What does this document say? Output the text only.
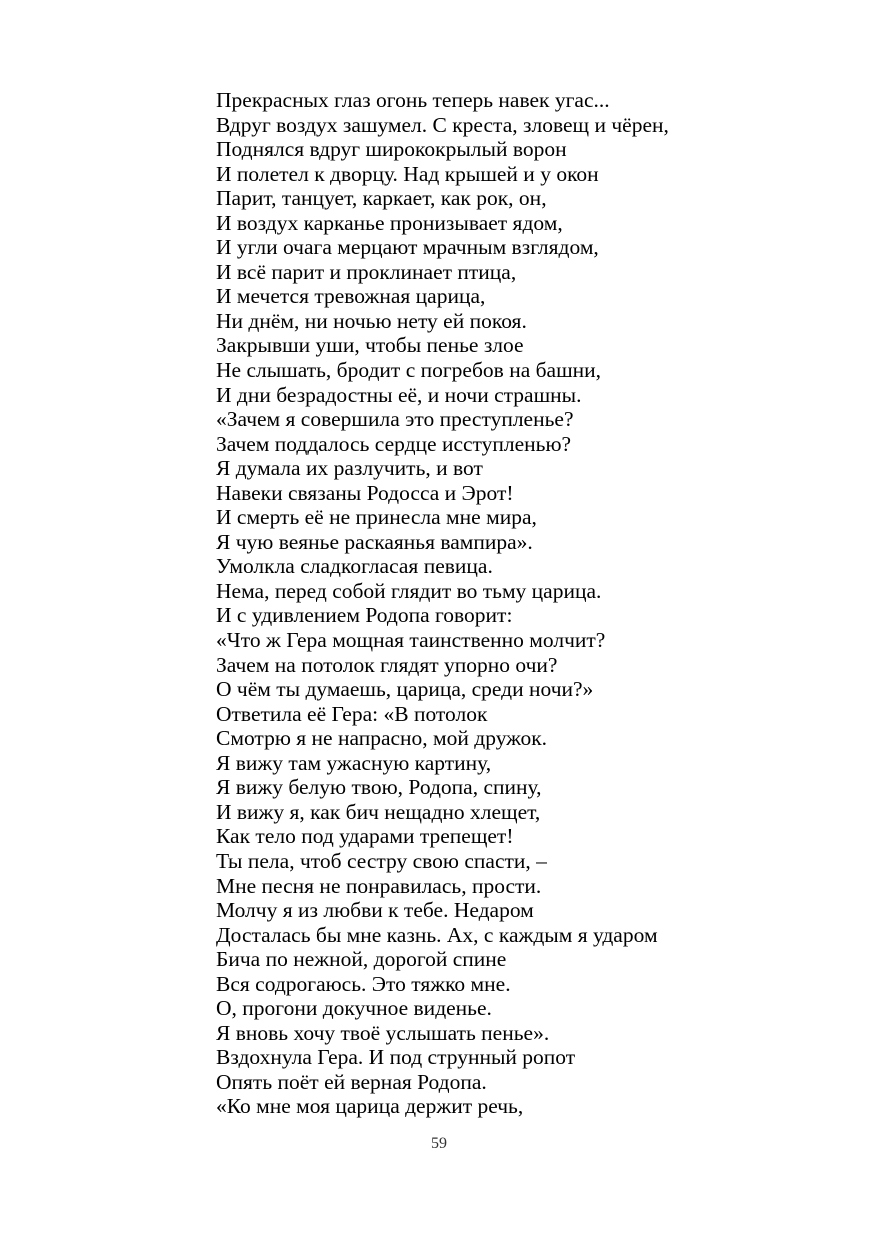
Прекрасных глаз огонь теперь навек угас...
Вдруг воздух зашумел. С креста, зловещ и чёрен,
Поднялся вдруг ширококрылый ворон
И полетел к дворцу. Над крышей и у окон
Парит, танцует, каркает, как рок, он,
И воздух карканье пронизывает ядом,
И угли очага мерцают мрачным взглядом,
И всё парит и проклинает птица,
И мечется тревожная царица,
Ни днём, ни ночью нету ей покоя.
Закрывши уши, чтобы пенье злое
Не слышать, бродит с погребов на башни,
И дни безрадостны её, и ночи страшны.
«Зачем я совершила это преступленье?
Зачем поддалось сердце исступленью?
Я думала их разлучить, и вот
Навеки связаны Родосса и Эрот!
И смерть её не принесла мне мира,
Я чую веянье раскаянья вампира».
Умолкла сладкогласая певица.
Нема, перед собой глядит во тьму царица.
И с удивлением Родопа говорит:
«Что ж Гера мощная таинственно молчит?
Зачем на потолок глядят упорно очи?
О чём ты думаешь, царица, среди ночи?»
Ответила её Гера: «В потолок
Смотрю я не напрасно, мой дружок.
Я вижу там ужасную картину,
Я вижу белую твою, Родопа, спину,
И вижу я, как бич нещадно хлещет,
Как тело под ударами трепещет!
Ты пела, чтоб сестру свою спасти, –
Мне песня не понравилась, прости.
Молчу я из любви к тебе. Недаром
Досталась бы мне казнь. Ах, с каждым я ударом
Бича по нежной, дорогой спине
Вся содрогаюсь. Это тяжко мне.
О, прогони докучное виденье.
Я вновь хочу твоё услышать пенье».
Вздохнула Гера. И под струнный ропот
Опять поёт ей верная Родопа.
«Ко мне моя царица держит речь,
59
